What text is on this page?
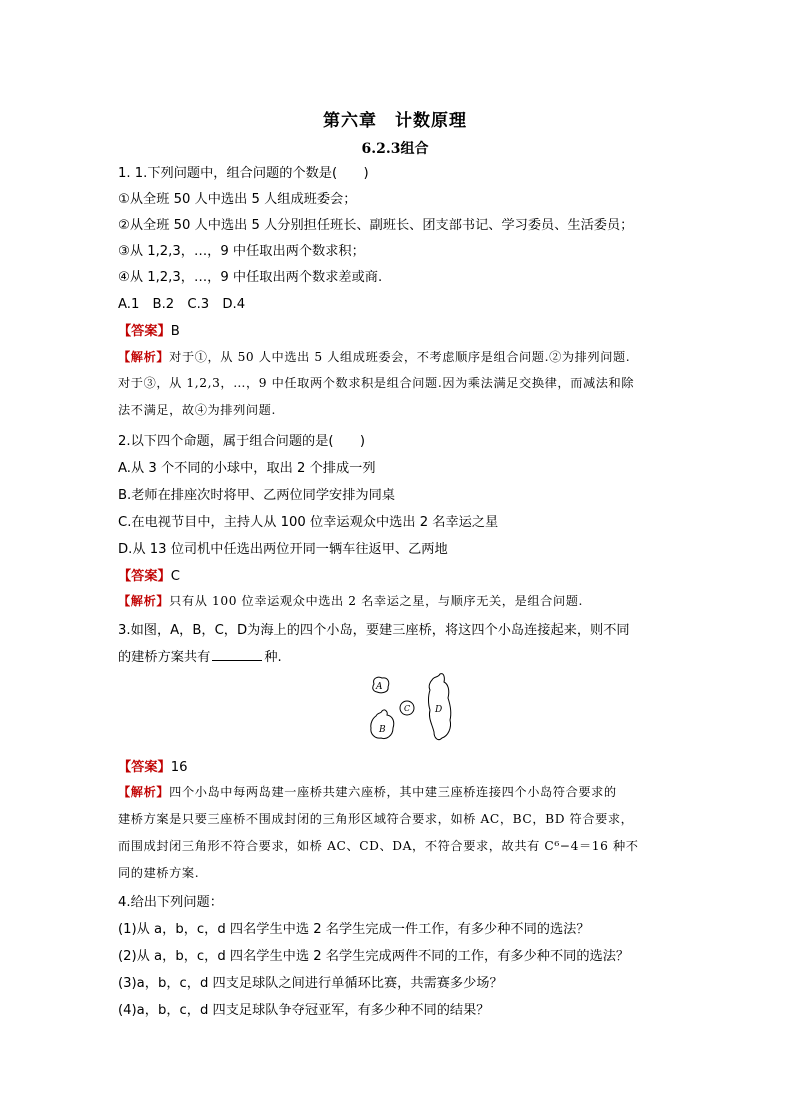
第六章　计数原理
6.2.3组合
1. 1.下列问题中，组合问题的个数是(　　)
①从全班 50 人中选出 5 人组成班委会；
②从全班 50 人中选出 5 人分别担任班长、副班长、团支部书记、学习委员、生活委员；
③从 1,2,3，…，9 中任取出两个数求积；
④从 1,2,3，…，9 中任取出两个数求差或商.
A.1　B.2　C.3　D.4
【答案】B
【解析】对于①，从 50 人中选出 5 人组成班委会，不考虑顺序是组合问题.②为排列问题.
对于③，从 1,2,3，…，9 中任取两个数求积是组合问题.因为乘法满足交换律，而减法和除
法不满足，故④为排列问题.
2.以下四个命题，属于组合问题的是(　　)
A.从 3 个不同的小球中，取出 2 个排成一列
B.老师在排座次时将甲、乙两位同学安排为同桌
C.在电视节目中，主持人从 100 位幸运观众中选出 2 名幸运之星
D.从 13 位司机中任选出两位开同一辆车往返甲、乙两地
【答案】C
【解析】只有从 100 位幸运观众中选出 2 名幸运之星，与顺序无关，是组合问题.
3.如图，A，B，C，D为海上的四个小岛，要建三座桥，将这四个小岛连接起来，则不同
的建桥方案共有	种.
A
B
C	D
【答案】16
【解析】四个小岛中每两岛建一座桥共建六座桥，其中建三座桥连接四个小岛符合要求的
建桥方案是只要三座桥不围成封闭的三角形区域符合要求，如桥 AC，BC，BD 符合要求，
而围成封闭三角形不符合要求，如桥 AC、CD、DA，不符合要求，故共有 C⁶−4＝16 种不
同的建桥方案.
4.给出下列问题：
(1)从 a，b，c，d 四名学生中选 2 名学生完成一件工作，有多少种不同的选法？
(2)从 a，b，c，d 四名学生中选 2 名学生完成两件不同的工作，有多少种不同的选法？
(3)a，b，c，d 四支足球队之间进行单循环比赛，共需赛多少场？
(4)a，b，c，d 四支足球队争夺冠亚军，有多少种不同的结果？
